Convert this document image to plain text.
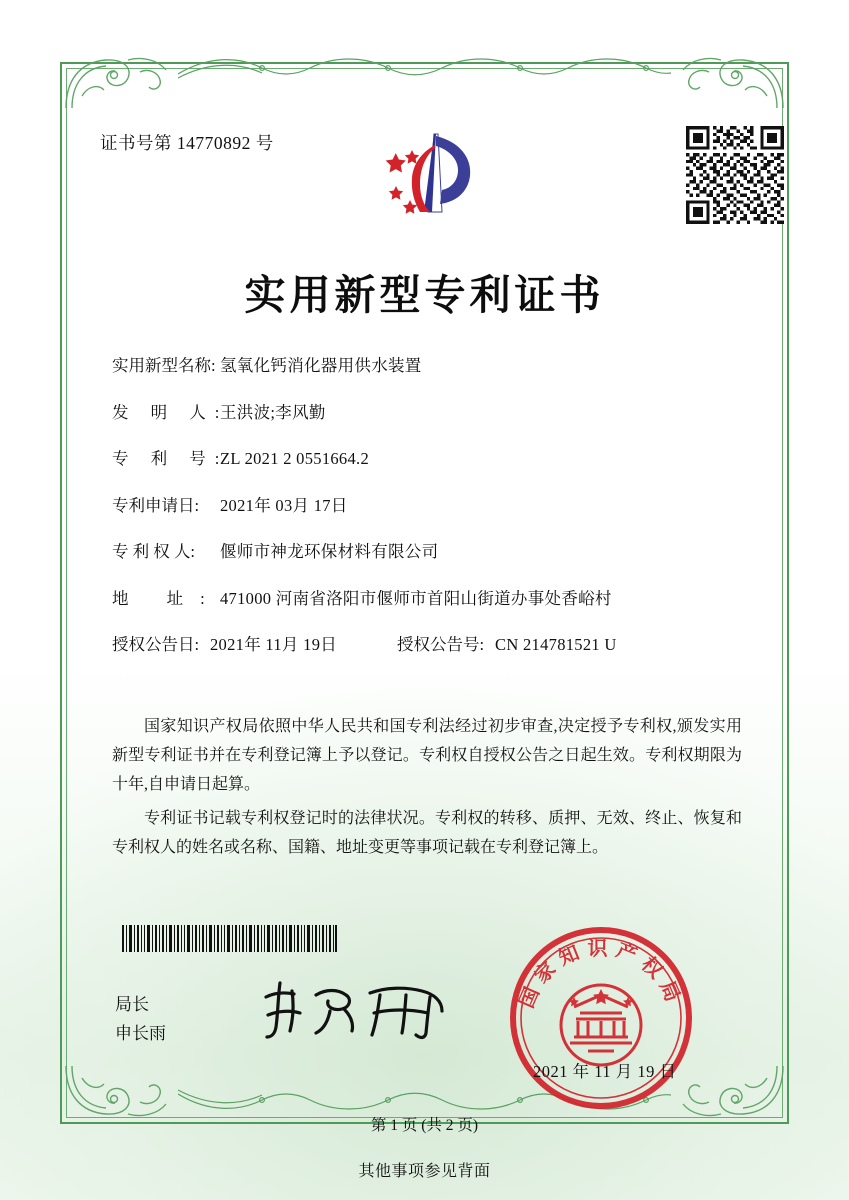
证书号第 14770892 号
实用新型专利证书
实用新型名称: 氢氧化钙消化器用供水装置
发 明 人:
王洪波;李风勤
专 利 号:
ZL 2021 2 0551664.2
专利申请日:	2021年 03月 17日
专 利 权 人:	偃师市神龙环保材料有限公司
地 址:
471000 河南省洛阳市偃师市首阳山街道办事处香峪村
授权公告日: 2021年 11月 19日	授权公告号: CN 214781521 U

国家知识产权局依照中华人民共和国专利法经过初步审查,决定授予专利权,颁发实用新型专利证书并在专利登记簿上予以登记。专利权自授权公告之日起生效。专利权期限为十年,自申请日起算。

专利证书记载专利权登记时的法律状况。专利权的转移、质押、无效、终止、恢复和专利权人的姓名或名称、国籍、地址变更等事项记载在专利登记簿上。

局长
申长雨
国家知识产权局
2021 年 11 月 19 日
第 1 页 (共 2 页)
其他事项参见背面
